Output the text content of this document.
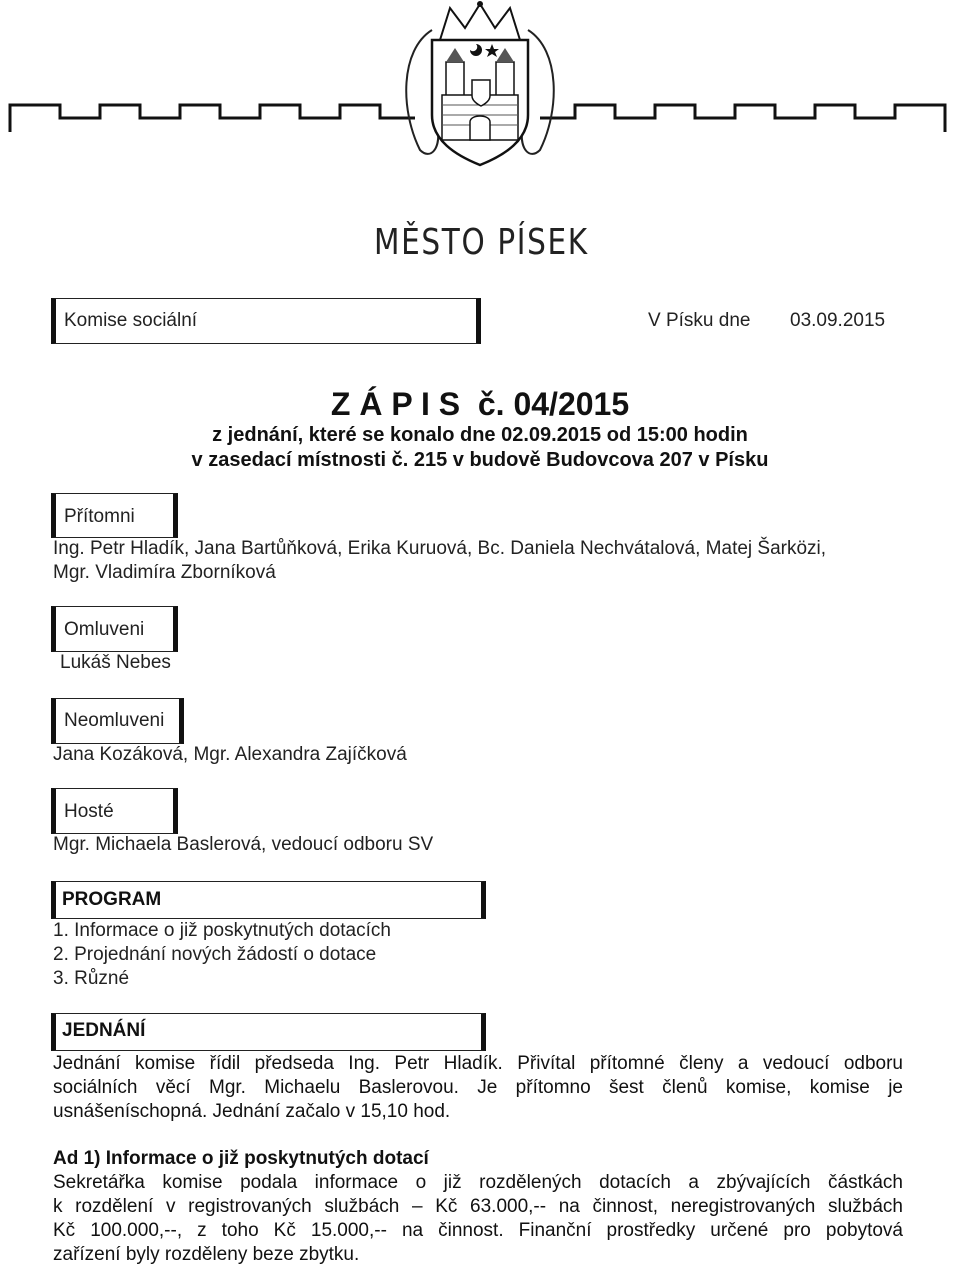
MĚSTO PÍSEK
Komise sociální	V Písku dne 03.09.2015
Z Á P I S  č. 04/2015
z jednání, které se konalo dne 02.09.2015 od 15:00 hodin
v zasedací místnosti č. 215 v budově Budovcova 207 v Písku
Přítomni
Ing. Petr Hladík, Jana Bartůňková, Erika Kuruová, Bc. Daniela Nechvátalová, Matej Šarközi,
Mgr. Vladimíra Zborníková
Omluveni
Lukáš Nebes
Neomluveni
Jana Kozáková, Mgr. Alexandra Zajíčková
Hosté
Mgr. Michaela Baslerová, vedoucí odboru SV
PROGRAM
1. Informace o již poskytnutých dotacích
2. Projednání nových žádostí o dotace
3. Různé
JEDNÁNÍ
Jednání komise řídil předseda Ing. Petr Hladík. Přivítal přítomné členy a vedoucí odboru
sociálních věcí Mgr. Michaelu Baslerovou. Je přítomno šest členů komise, komise je
usnášeníschopná. Jednání začalo v 15,10 hod.
Ad 1) Informace o již poskytnutých dotací
Sekretářka komise podala informace o již rozdělených dotacích a zbývajících částkách
k rozdělení v registrovaných službách – Kč 63.000,-- na činnost, neregistrovaných službách
Kč 100.000,--, z toho Kč 15.000,-- na činnost. Finanční prostředky určené pro pobytová
zařízení byly rozděleny beze zbytku.
